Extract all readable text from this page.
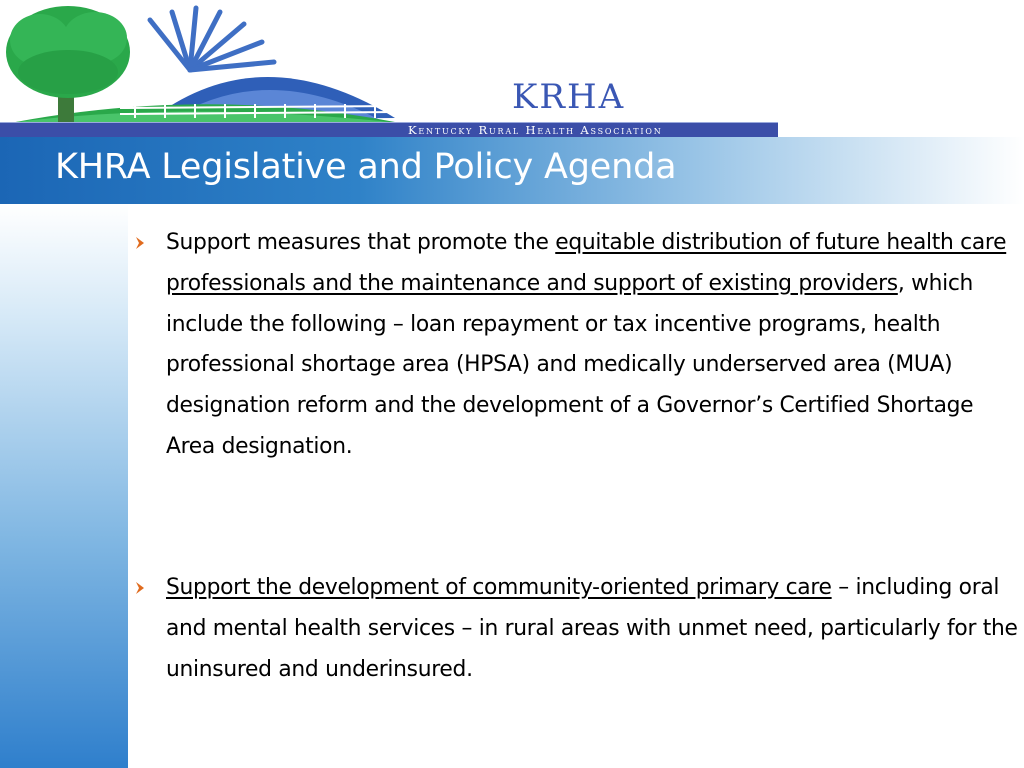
KRHA
Kentucky Rural Health Association
KHRA Legislative and Policy Agenda
Support measures that promote the equitable distribution of future health care professionals and the maintenance and support of existing providers, which include the following – loan repayment or tax incentive programs, health professional shortage area (HPSA) and medically underserved area (MUA) designation reform and the development of a Governor’s Certified Shortage Area designation.
Support the development of community-oriented primary care – including oral and mental health services – in rural areas with unmet need, particularly for the uninsured and underinsured.
